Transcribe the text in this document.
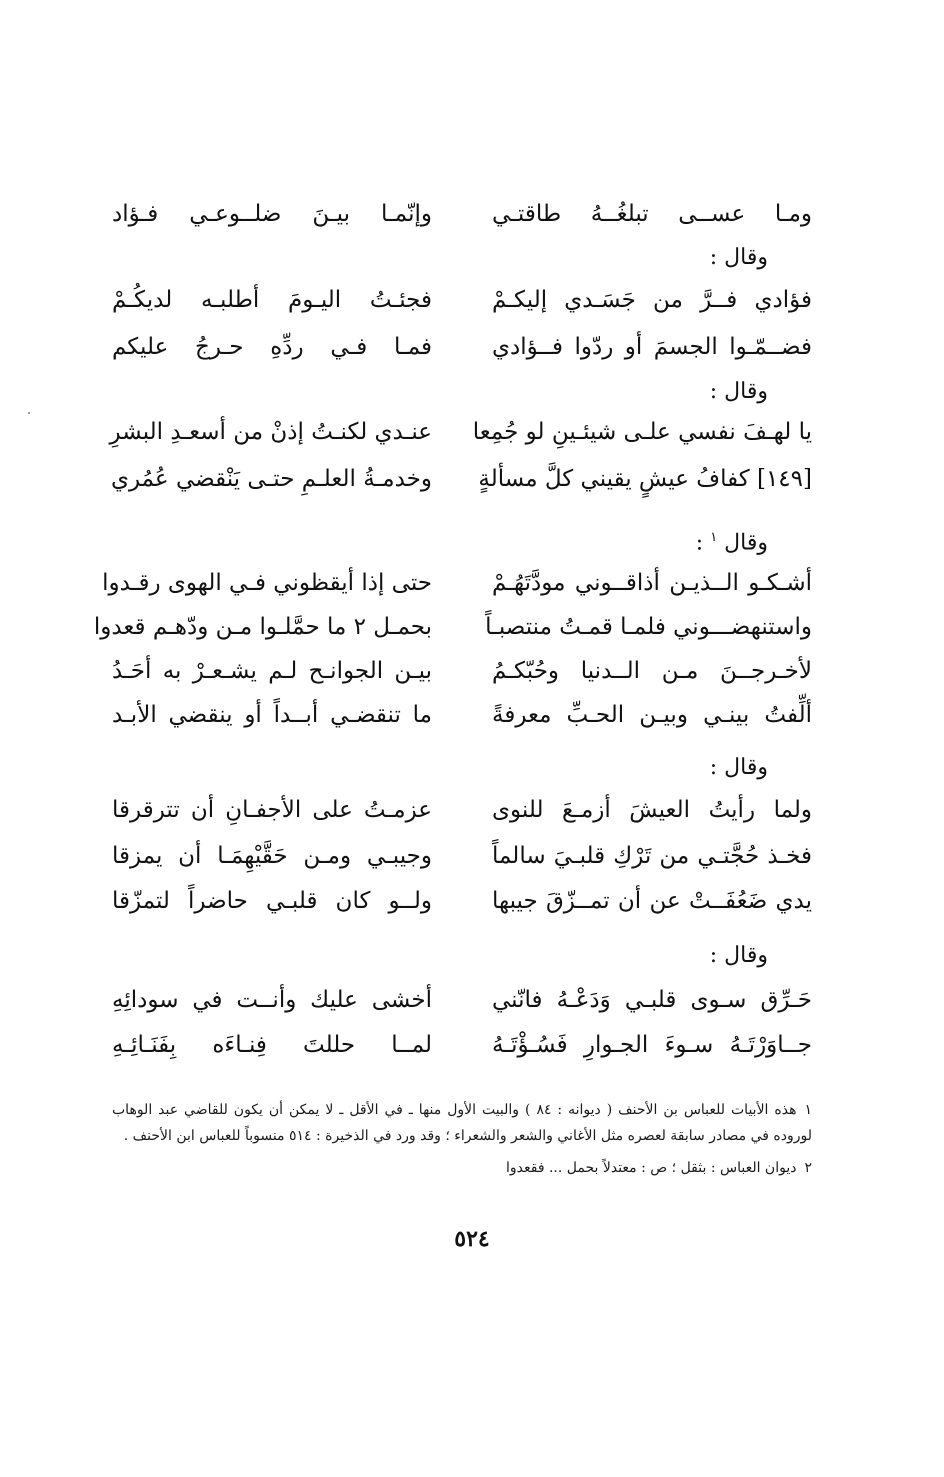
ومـا عســى تبلغُــهُ طاقتـي
وإنّمـا بيـنَ ضلــوعـي فـؤاد
وقال :
فؤادي فــرَّ من جَسَـدي إليكـمْ
فجئـتُ اليـومَ أطلبـه لديكُـمْ
فضــمّـوا الجسمَ أو ردّوا فــؤادي
فمـا فـي ردِّهِ حـرجُ عليكم
وقال :
يا لهـفَ نفسي علـى شيئـينِ لو جُمِعا
عنـدي لكنـتُ إذنْ من أسعـدِ البشرِ
[١٤٩] كفافُ عيشٍ يقيني كلَّ مسألةٍ
وخدمـةُ العلـمِ حتـى يَنْقضي عُمُري
وقال $^١$ :
أشـكـو الــذيـن أذاقــوني مودَّتَهُـمْ
حتى إذا أيقظوني فـي الهوى رقـدوا
واستنهضـــوني فلمـا قمـتُ منتصبـاً
بحمـل ٢ ما حمَّلـوا مـن ودّهـم قعدوا
لأخـرجــنَ مـن الــدنيا وحُبّكـمُ
بيـن الجوانـح لـم يشـعـرْ به أحَـدُ
ألِّفتُ بينـي وبيـن الحـبِّ معرفةً
ما تنقضـي أبــداً أو ينقضي الأبـد
وقال :
ولما رأيتُ العيشَ أزمـعَ للنوى
عزمـتُ على الأجفـانِ أن تترقرقا
فخـذ حُجَّتـي من تَرْكِ قلبـيَ سالماً
وجيبـي ومـن حَقَّيْهِمَـا أن يمزقا
يدي ضَعُفَــتْ عن أن تمــزّقَ جيبها
ولــو كان قلبـي حاضراً لتمزّقا
وقال :
حَـرِّق سـوى قلبـي وَدَعْـهُ فانّني
أخشى عليك وأنــت في سودائِهِ
جــاوَرْتَـهُ سـوءَ الجـوارِ فَسُـؤْتَـهُ
لمــا حللتَ فِنـاءَه بِفَنَـائِـهِ

١هذه الأبيات للعباس بن الأحنف ( ديوانه : ٨٤ ) والبيت الأول منها ـ في الأقل ـ لا يمكن أن يكون للقاضي عبد الوهاب لوروده في مصادر سابقة لعصره مثل الأغاني والشعر والشعراء ؛ وقد ورد في الذخيرة : ٥١٤ منسوباً للعباس ابن الأحنف .

٢ديوان العباس : بثقل ؛ ص : معتدلاً بحمل ... فقعدوا

٥٢٤
